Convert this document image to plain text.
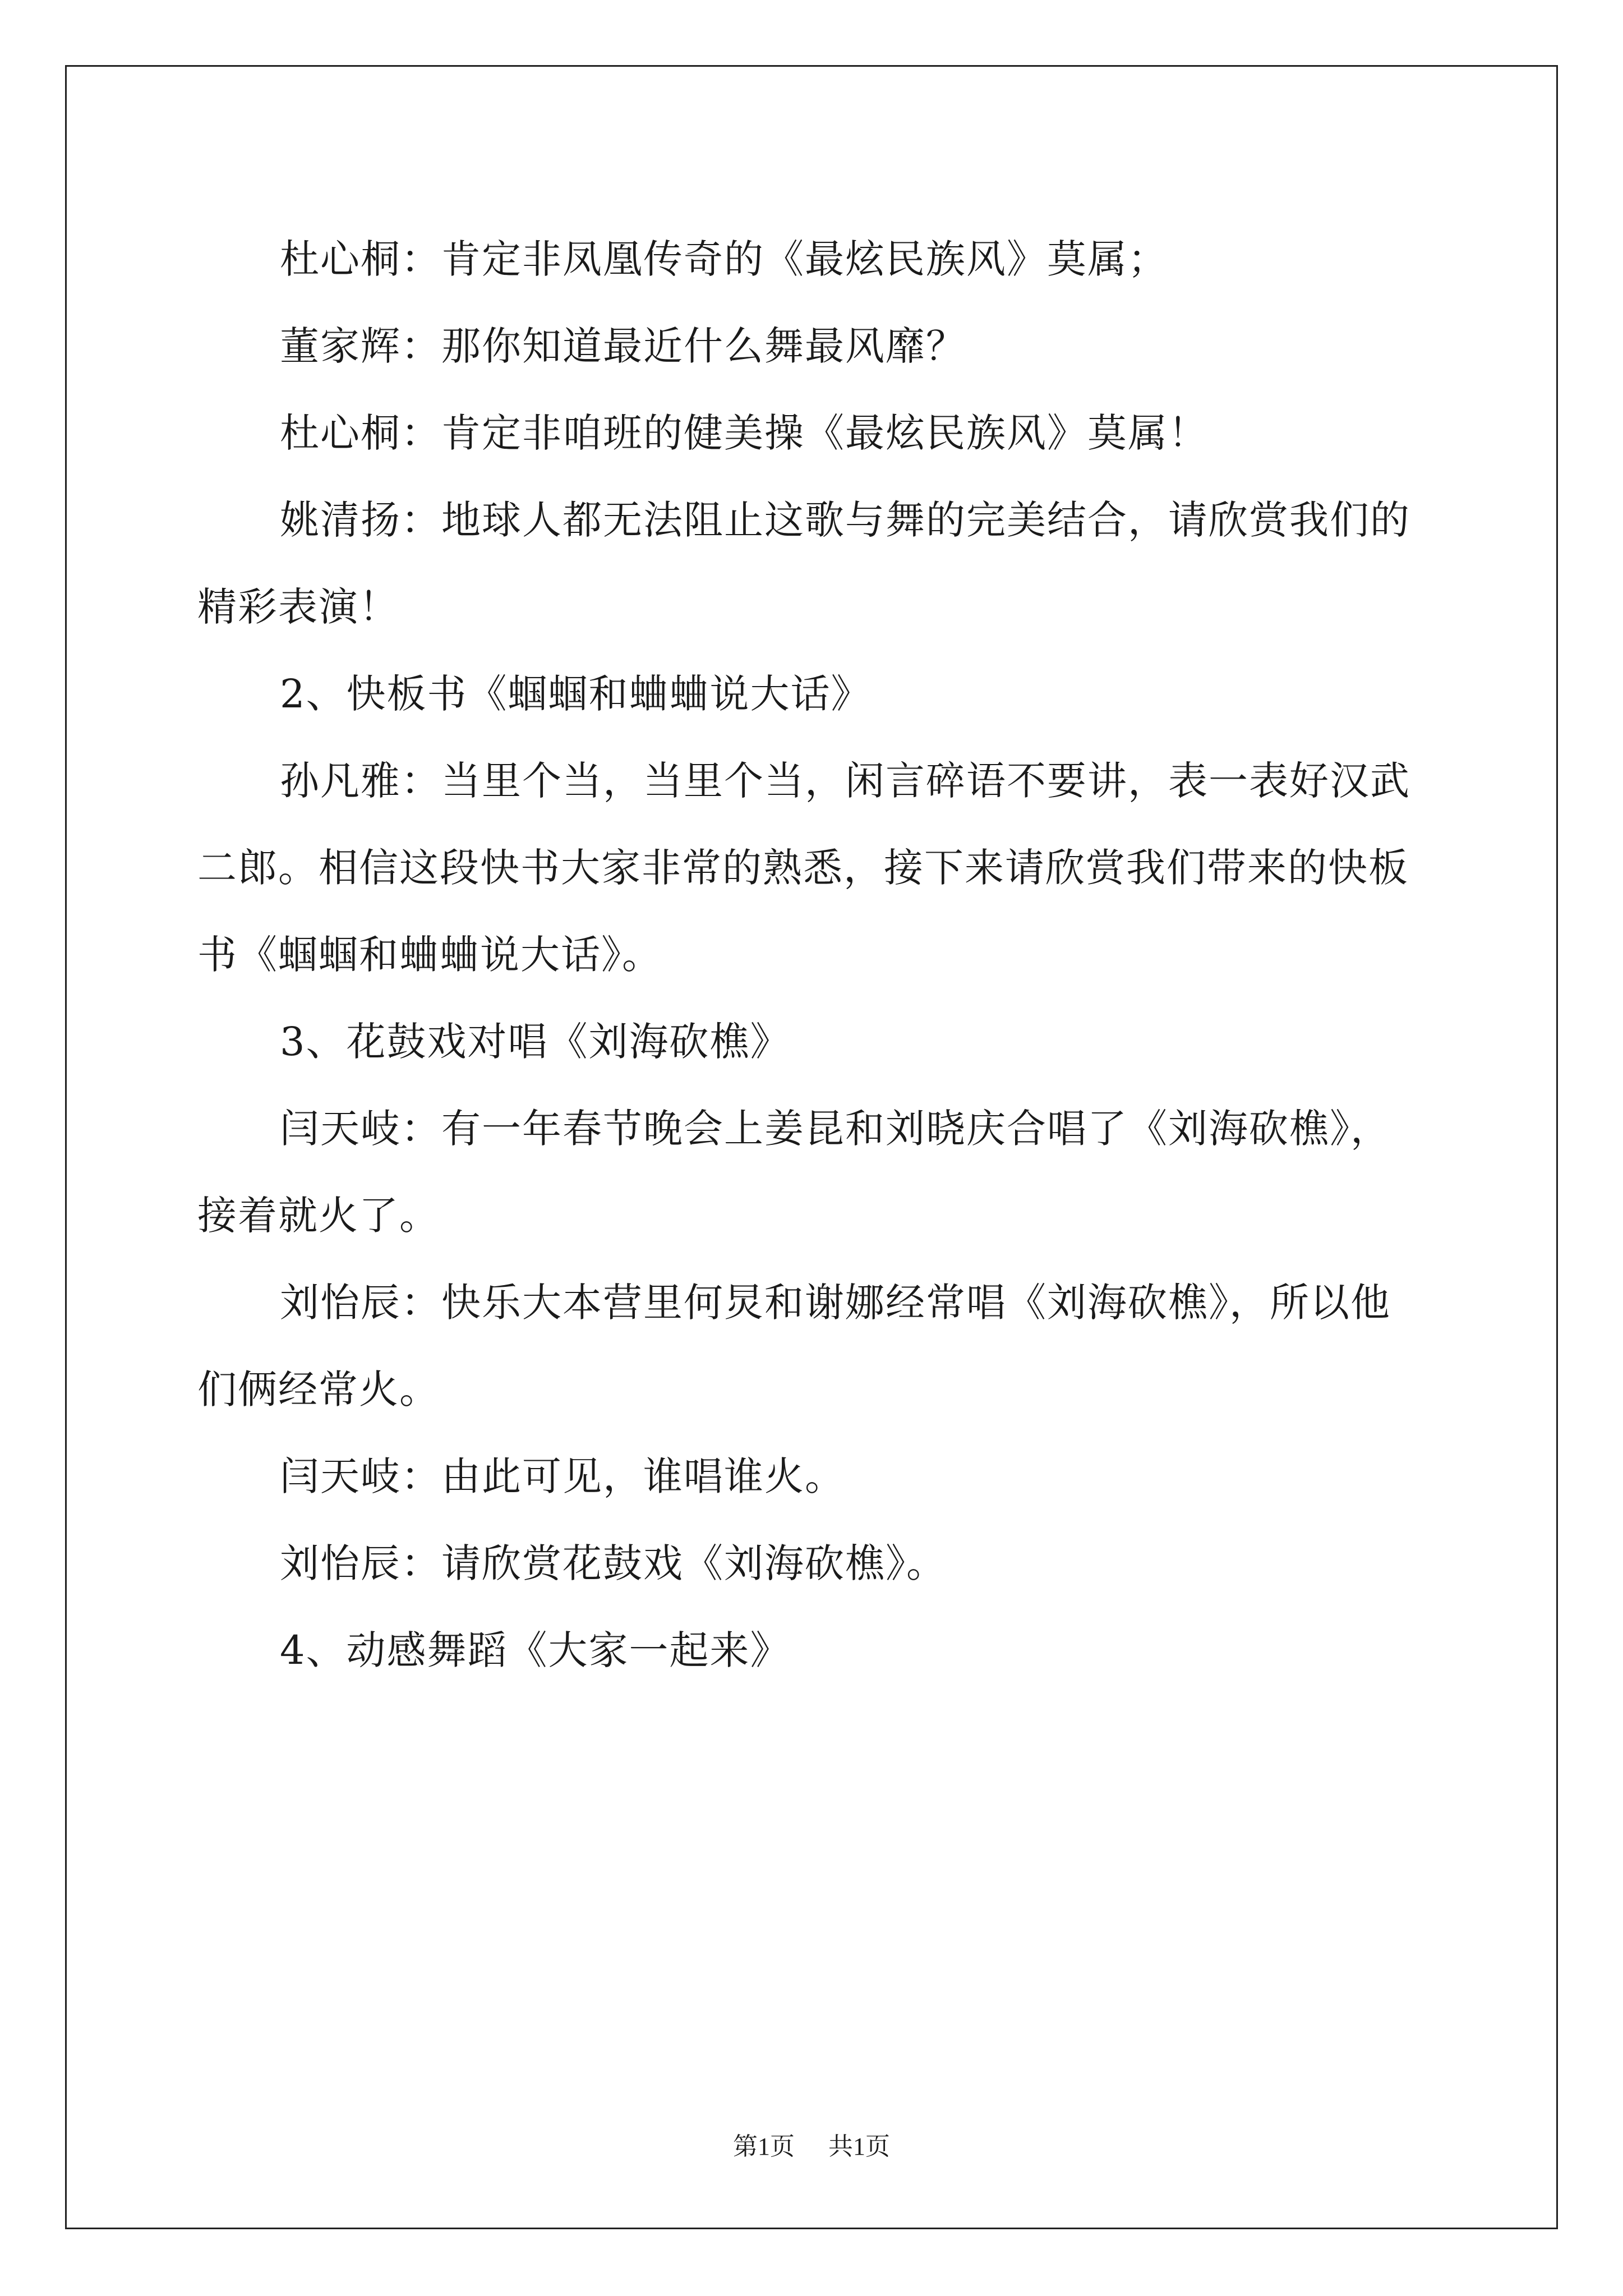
杜心桐：肯定非凤凰传奇的《最炫民族风》莫属；

董家辉：那你知道最近什么舞最风靡？

杜心桐：肯定非咱班的健美操《最炫民族风》莫属！

姚清扬：地球人都无法阻止这歌与舞的完美结合，请欣赏我们的精彩表演！

2、快板书《蝈蝈和蛐蛐说大话》

孙凡雅：当里个当，当里个当，闲言碎语不要讲，表一表好汉武二郎。相信这段快书大家非常的熟悉，接下来请欣赏我们带来的快板书《蝈蝈和蛐蛐说大话》。

3、花鼓戏对唱《刘海砍樵》

闫天岐：有一年春节晚会上姜昆和刘晓庆合唱了《刘海砍樵》，接着就火了。

刘怡辰：快乐大本营里何炅和谢娜经常唱《刘海砍樵》，所以他们俩经常火。

闫天岐：由此可见，谁唱谁火。

刘怡辰：请欣赏花鼓戏《刘海砍樵》。

4、动感舞蹈《大家一起来》

第1页 共1页
